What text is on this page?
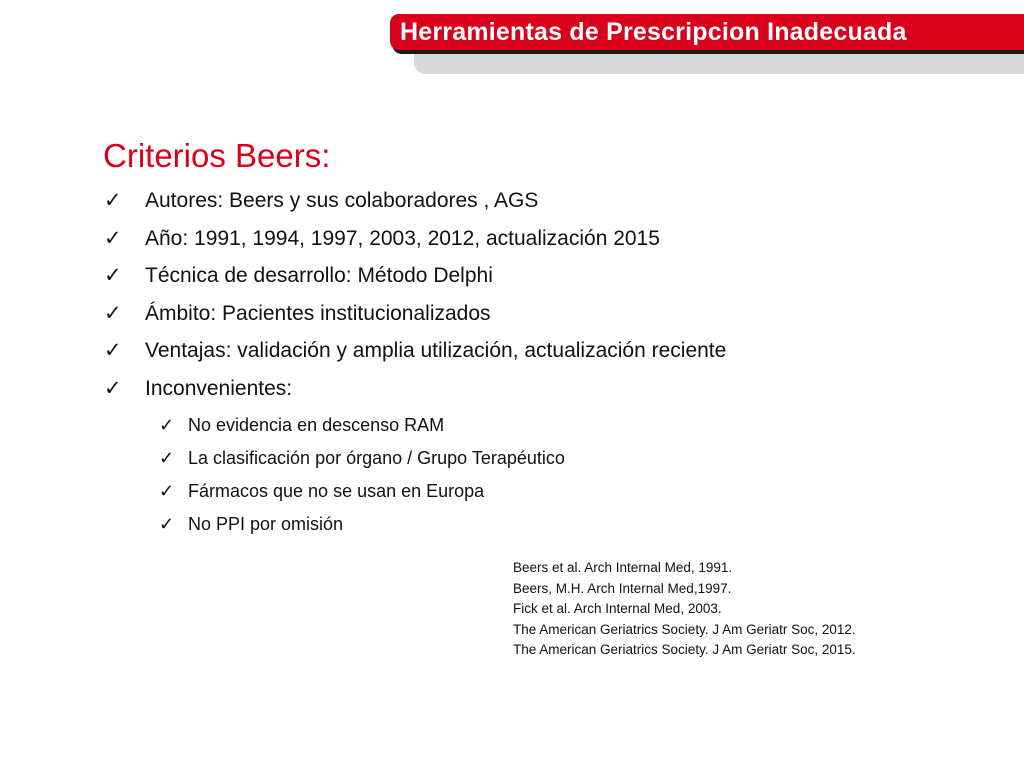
Herramientas de Prescripcion Inadecuada
Criterios Beers:
✓ Autores: Beers y sus colaboradores , AGS
✓ Año: 1991, 1994, 1997, 2003, 2012, actualización 2015
✓ Técnica de desarrollo: Método Delphi
✓ Ámbito: Pacientes institucionalizados
✓ Ventajas: validación y amplia utilización, actualización reciente
✓ Inconvenientes:
✓ No evidencia en descenso RAM
✓ La clasificación por órgano / Grupo Terapéutico
✓ Fármacos que no se usan en Europa
✓ No PPI por omisión
Beers et al. Arch Internal Med, 1991.
Beers, M.H. Arch Internal Med,1997.
Fick et al. Arch Internal Med, 2003.
The American Geriatrics Society. J Am Geriatr Soc, 2012.
The American Geriatrics Society. J Am Geriatr Soc, 2015.
